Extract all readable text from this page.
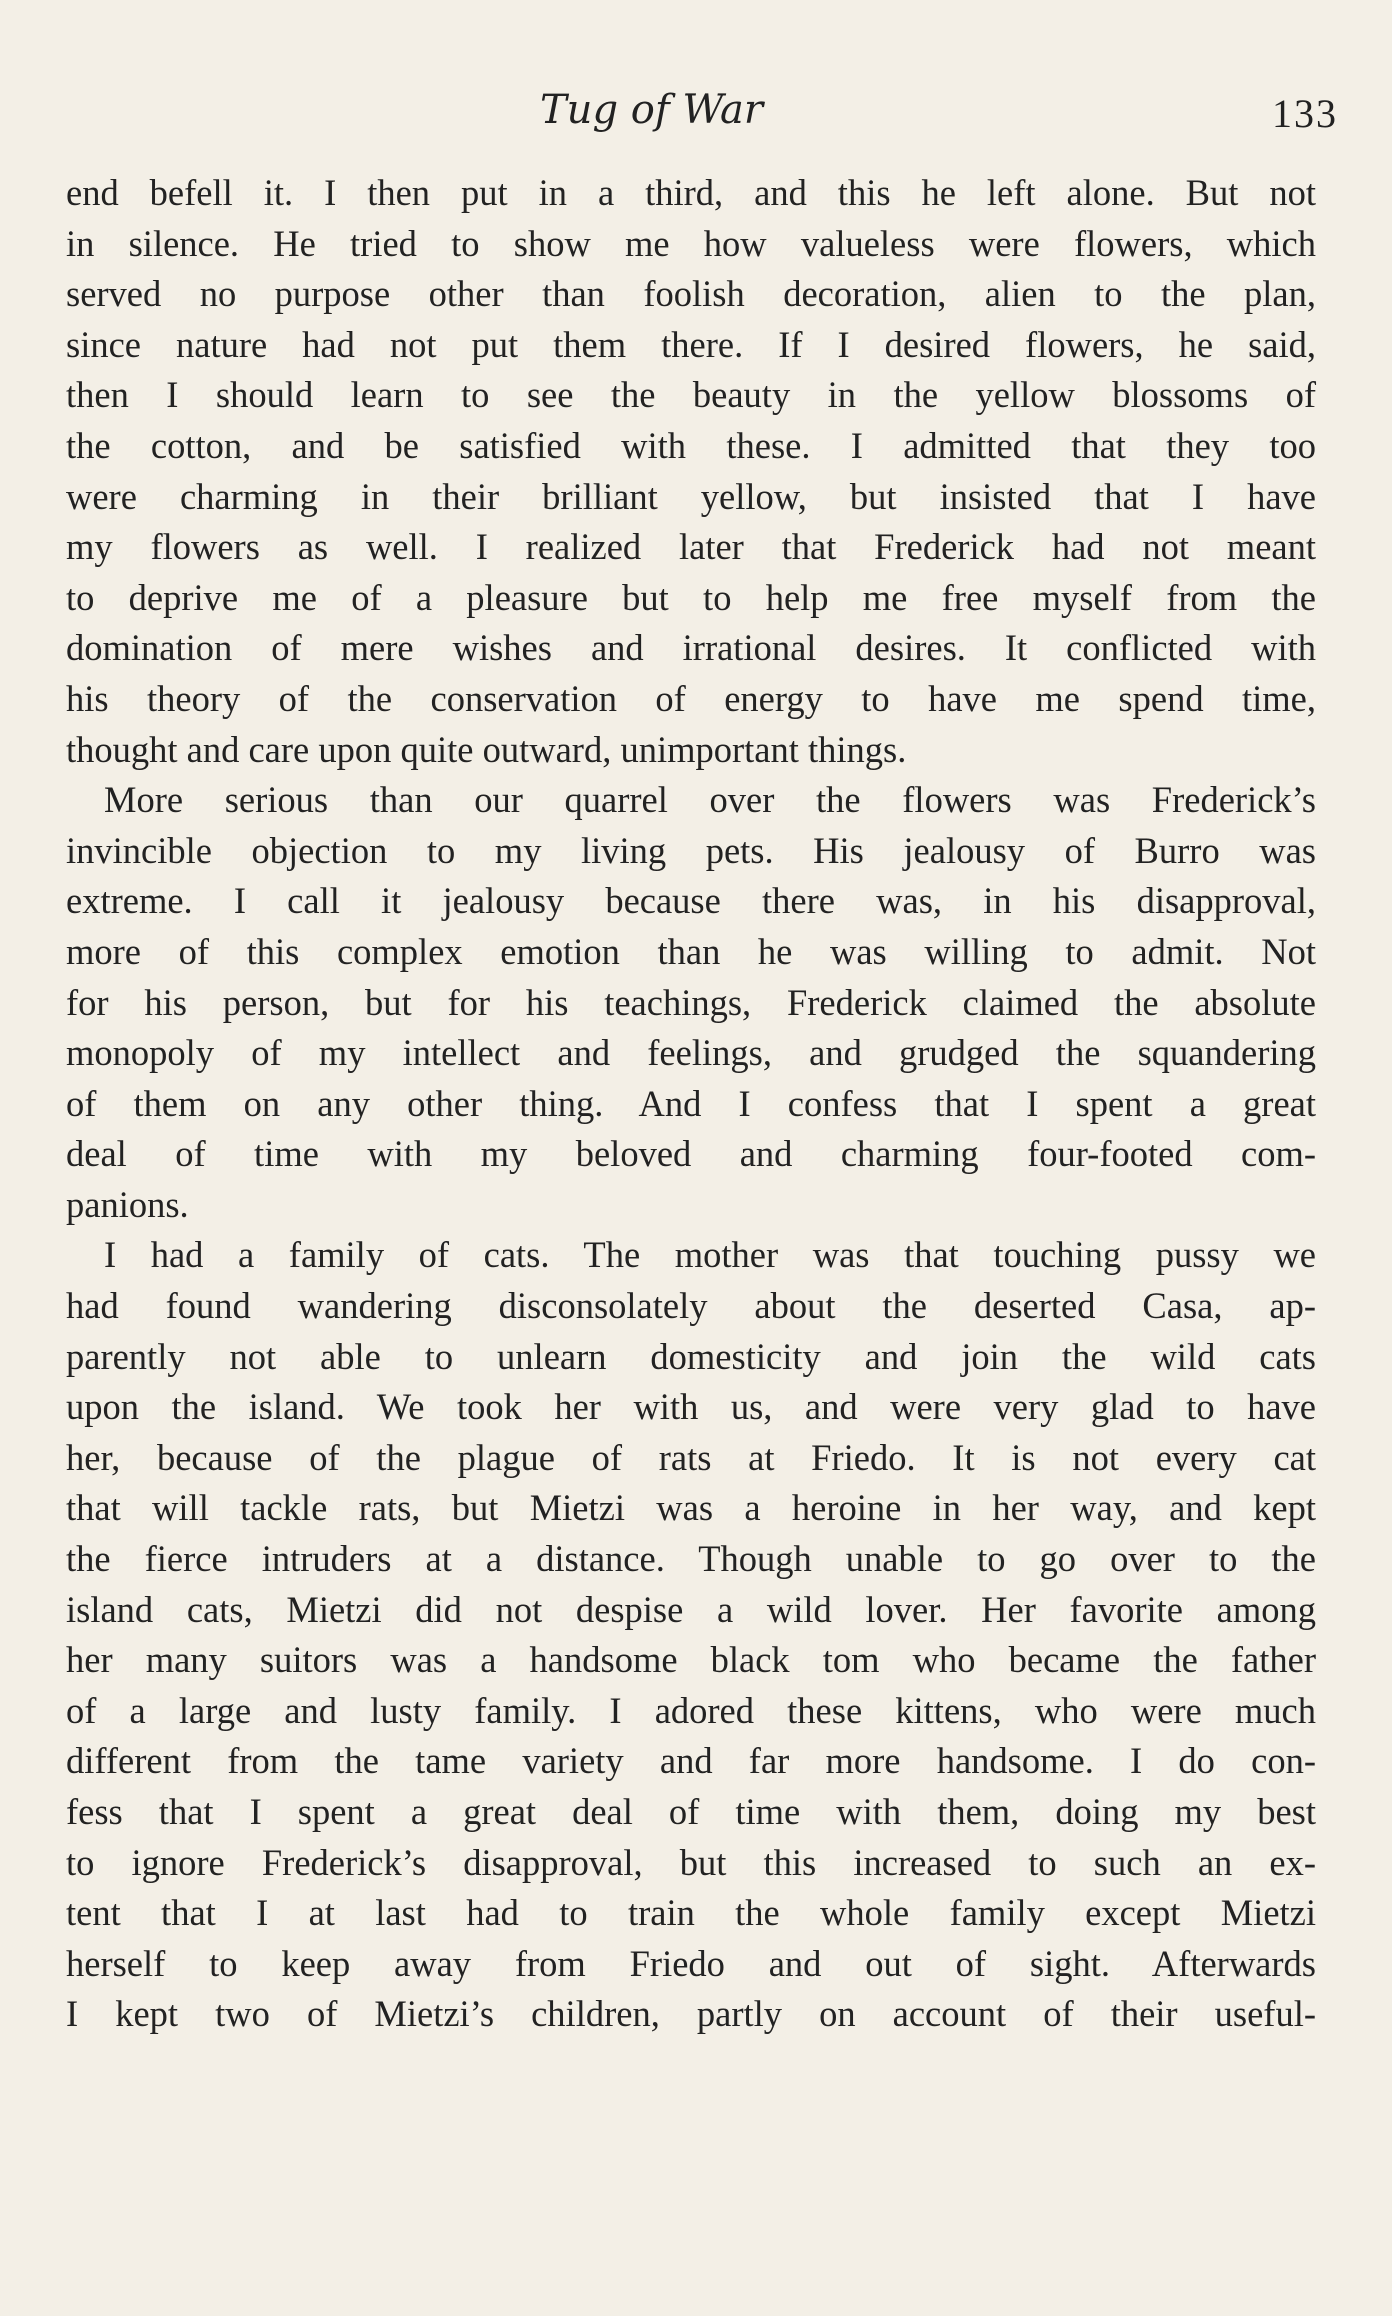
Tug of War	133
end befell it. I then put in a third, and this he left alone. But not
in silence. He tried to show me how valueless were flowers, which
served no purpose other than foolish decoration, alien to the plan,
since nature had not put them there. If I desired flowers, he said,
then I should learn to see the beauty in the yellow blossoms of
the cotton, and be satisfied with these. I admitted that they too
were charming in their brilliant yellow, but insisted that I have
my flowers as well. I realized later that Frederick had not meant
to deprive me of a pleasure but to help me free myself from the
domination of mere wishes and irrational desires. It conflicted with
his theory of the conservation of energy to have me spend time,
thought and care upon quite outward, unimportant things.
More serious than our quarrel over the flowers was Frederick’s
invincible objection to my living pets. His jealousy of Burro was
extreme. I call it jealousy because there was, in his disapproval,
more of this complex emotion than he was willing to admit. Not
for his person, but for his teachings, Frederick claimed the absolute
monopoly of my intellect and feelings, and grudged the squandering
of them on any other thing. And I confess that I spent a great
deal of time with my beloved and charming four-footed com-
panions.
I had a family of cats. The mother was that touching pussy we
had found wandering disconsolately about the deserted Casa, ap-
parently not able to unlearn domesticity and join the wild cats
upon the island. We took her with us, and were very glad to have
her, because of the plague of rats at Friedo. It is not every cat
that will tackle rats, but Mietzi was a heroine in her way, and kept
the fierce intruders at a distance. Though unable to go over to the
island cats, Mietzi did not despise a wild lover. Her favorite among
her many suitors was a handsome black tom who became the father
of a large and lusty family. I adored these kittens, who were much
different from the tame variety and far more handsome. I do con-
fess that I spent a great deal of time with them, doing my best
to ignore Frederick’s disapproval, but this increased to such an ex-
tent that I at last had to train the whole family except Mietzi
herself to keep away from Friedo and out of sight. Afterwards
I kept two of Mietzi’s children, partly on account of their useful-
